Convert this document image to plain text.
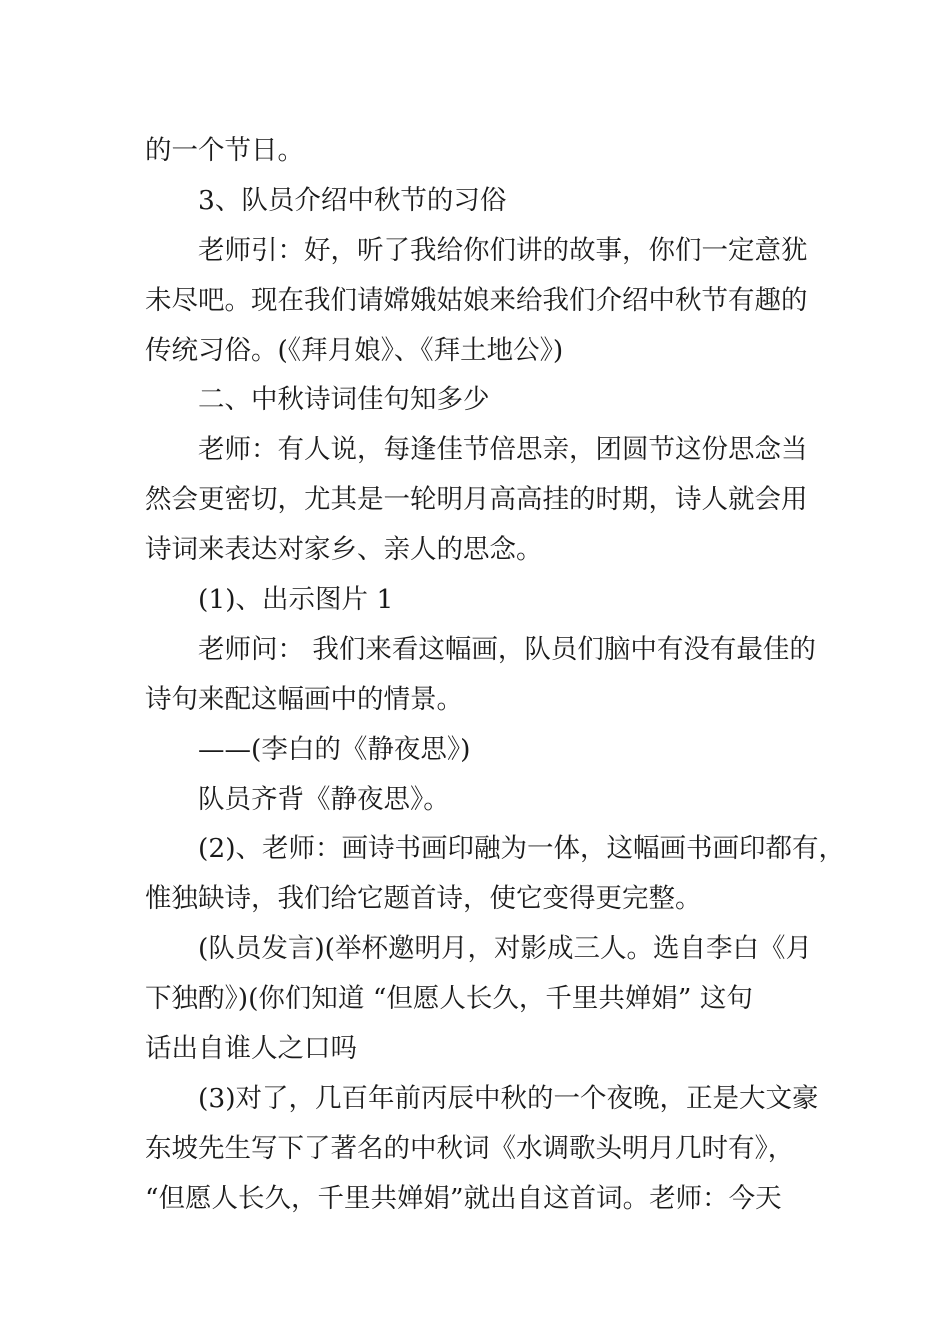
的一个节日。
3、队员介绍中秋节的习俗
老师引：好，听了我给你们讲的故事，你们一定意犹
未尽吧。现在我们请嫦娥姑娘来给我们介绍中秋节有趣的
传统习俗。(《拜月娘》、《拜土地公》)
二、中秋诗词佳句知多少
老师：有人说，每逢佳节倍思亲，团圆节这份思念当
然会更密切，尤其是一轮明月高高挂的时期，诗人就会用
诗词来表达对家乡、亲人的思念。
(1)、出示图片 1
老师问： 我们来看这幅画，队员们脑中有没有最佳的
诗句来配这幅画中的情景。
——(李白的《静夜思》)
队员齐背《静夜思》。
(2)、老师：画诗书画印融为一体，这幅画书画印都有，
惟独缺诗，我们给它题首诗，使它变得更完整。
(队员发言)(举杯邀明月，对影成三人。选自李白《月
下独酌》)(你们知道 “但愿人长久，千里共婵娟” 这句
话出自谁人之口吗
(3)对了，几百年前丙辰中秋的一个夜晚，正是大文豪
东坡先生写下了著名的中秋词《水调歌头明月几时有》，
“但愿人长久，千里共婵娟”就出自这首词。老师：今天
